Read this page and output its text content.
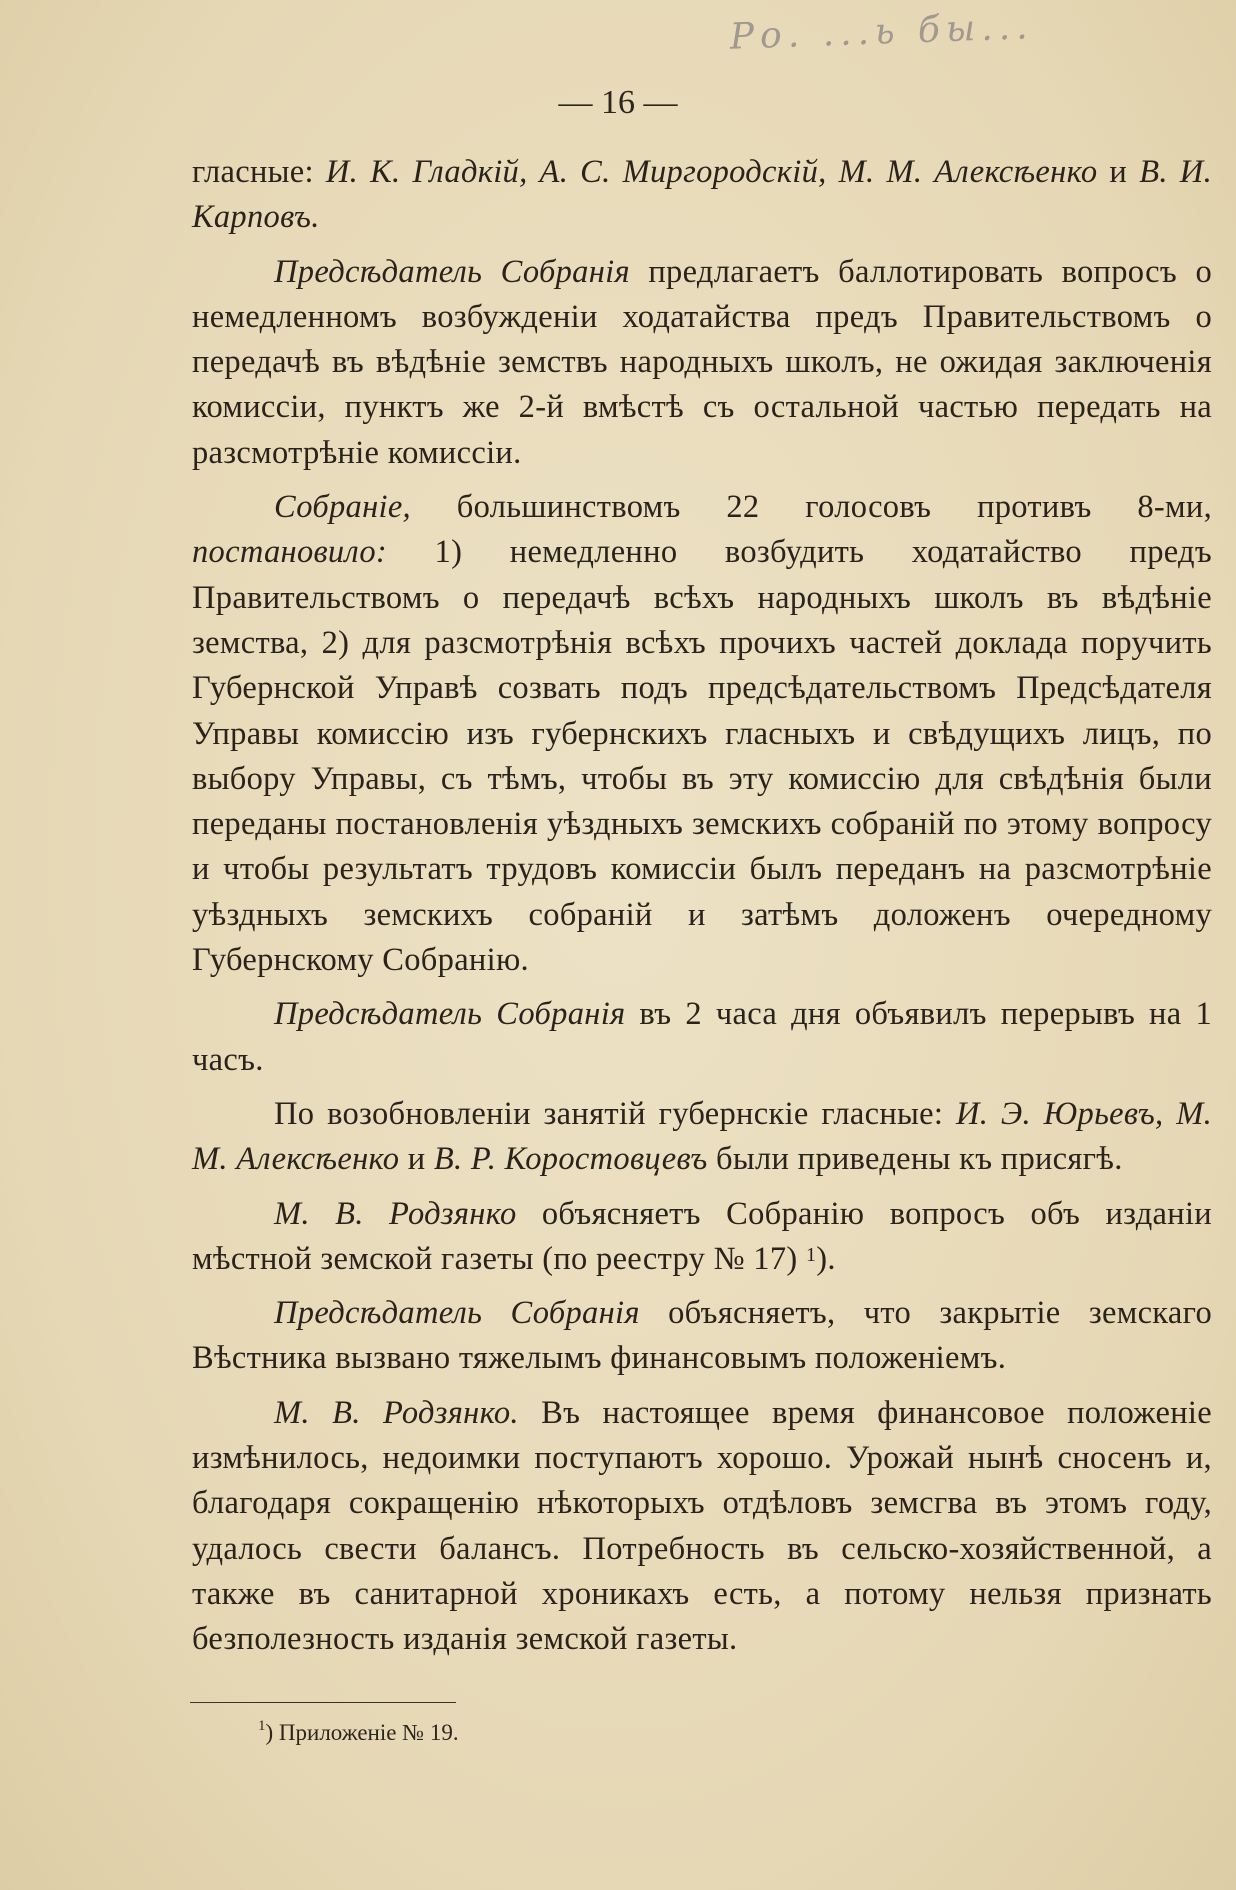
Ро. ...ь бы...
— 16 —

гласные: И. К. Гладкій, А. С. Миргородскій, М. М. Алексѣенко и В. И. Карповъ.

Предсѣдатель Собранія предлагаетъ баллотировать вопросъ о немедленномъ возбужденіи ходатайства предъ Правительствомъ о передачѣ въ вѣдѣніе земствъ народныхъ школъ, не ожидая заключенія комиссіи, пунктъ же 2-й вмѣстѣ съ остальной частью передать на разсмотрѣніе комиссіи.

Собраніе, большинствомъ 22 голосовъ противъ 8-ми, постановило: 1) немедленно возбудить ходатайство предъ Правительствомъ о передачѣ всѣхъ народныхъ школъ въ вѣдѣніе земства, 2) для разсмотрѣнія всѣхъ прочихъ частей доклада поручить Губернской Управѣ созвать подъ предсѣдательствомъ Предсѣдателя Управы комиссію изъ губернскихъ гласныхъ и свѣдущихъ лицъ, по выбору Управы, съ тѣмъ, чтобы въ эту комиссію для свѣдѣнія были переданы постановленія уѣздныхъ земскихъ собраній по этому вопросу и чтобы результатъ трудовъ комиссіи былъ переданъ на разсмотрѣніе уѣздныхъ земскихъ собраній и затѣмъ доложенъ очередному Губернскому Собранію.

Предсѣдатель Собранія въ 2 часа дня объявилъ перерывъ на 1 часъ.

По возобновленіи занятій губернскіе гласные: И. Э. Юрьевъ, М. М. Алексѣенко и В. Р. Коростовцевъ были приведены къ присягѣ.

М. В. Родзянко объясняетъ Собранію вопросъ объ изданіи мѣстной земской газеты (по реестру № 17) $^1$).

Предсѣдатель Собранія объясняетъ, что закрытіе земскаго Вѣстника вызвано тяжелымъ финансовымъ положеніемъ.

М. В. Родзянко. Въ настоящее время финансовое положеніе измѣнилось, недоимки поступаютъ хорошо. Урожай нынѣ сносенъ и, благодаря сокращенію нѣкоторыхъ отдѣловъ земсгва въ этомъ году, удалось свести балансъ. Потребность въ сельско-хозяйственной, а также въ санитарной хроникахъ есть, а потому нельзя признать безполезность изданія земской газеты.

$^1$) Приложеніе № 19.
